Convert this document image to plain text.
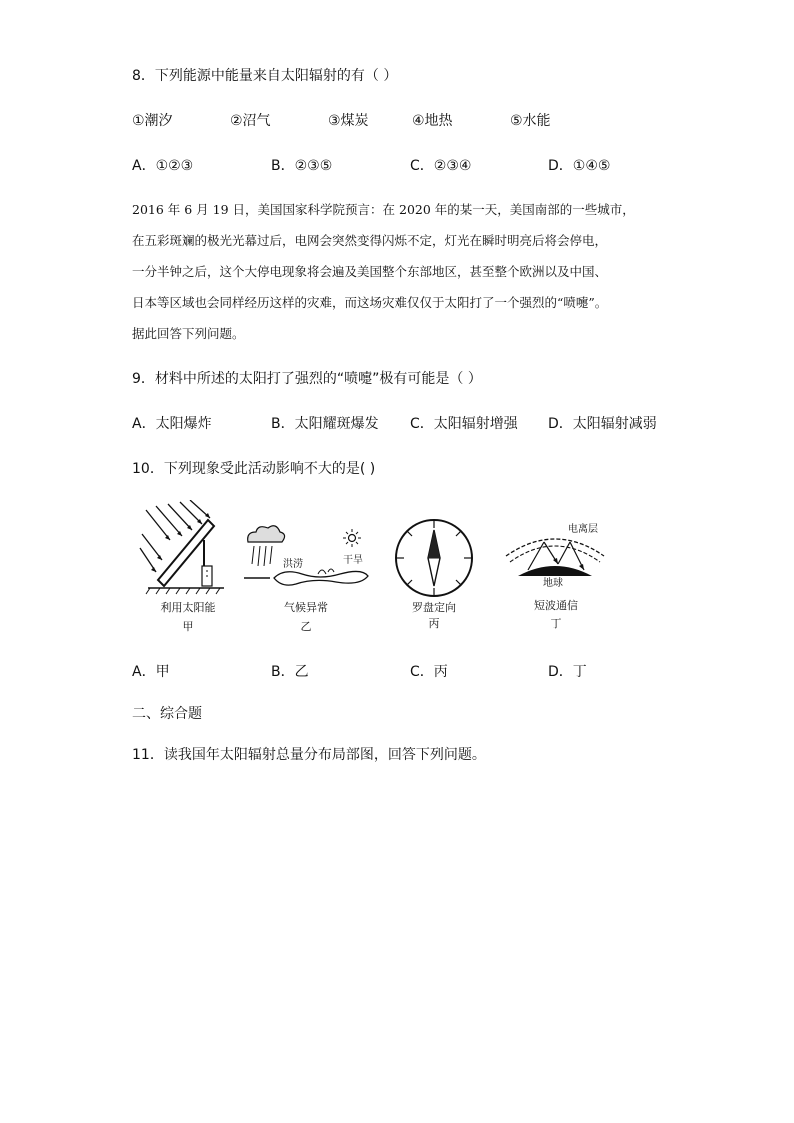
8．下列能源中能量来自太阳辐射的有（ ）
①潮汐	②沼气	③煤炭	④地热	⑤水能
A．①②③	B．②③⑤	C．②③④	D．①④⑤
2016 年 6 月 19 日，美国国家科学院预言：在 2020 年的某一天，美国南部的一些城市，
在五彩斑斓的极光光幕过后，电网会突然变得闪烁不定，灯光在瞬时明亮后将会停电，
一分半钟之后，这个大停电现象将会遍及美国整个东部地区，甚至整个欧洲以及中国、
日本等区域也会同样经历这样的灾难，而这场灾难仅仅于太阳打了一个强烈的“喷嚏”。
据此回答下列问题。
9．材料中所述的太阳打了强烈的“喷嚏”极有可能是（ ）
A．太阳爆炸	B．太阳耀斑爆发 C．太阳辐射增强 D．太阳辐射减弱
10．下列现象受此活动影响不大的是( )
利用太阳能
甲
洪涝	干旱
气候异常
乙
罗盘定向
丙
电离层
地球
短波通信
丁
A．甲	B．乙	C．丙	D．丁
二、综合题
11．读我国年太阳辐射总量分布局部图，回答下列问题。
